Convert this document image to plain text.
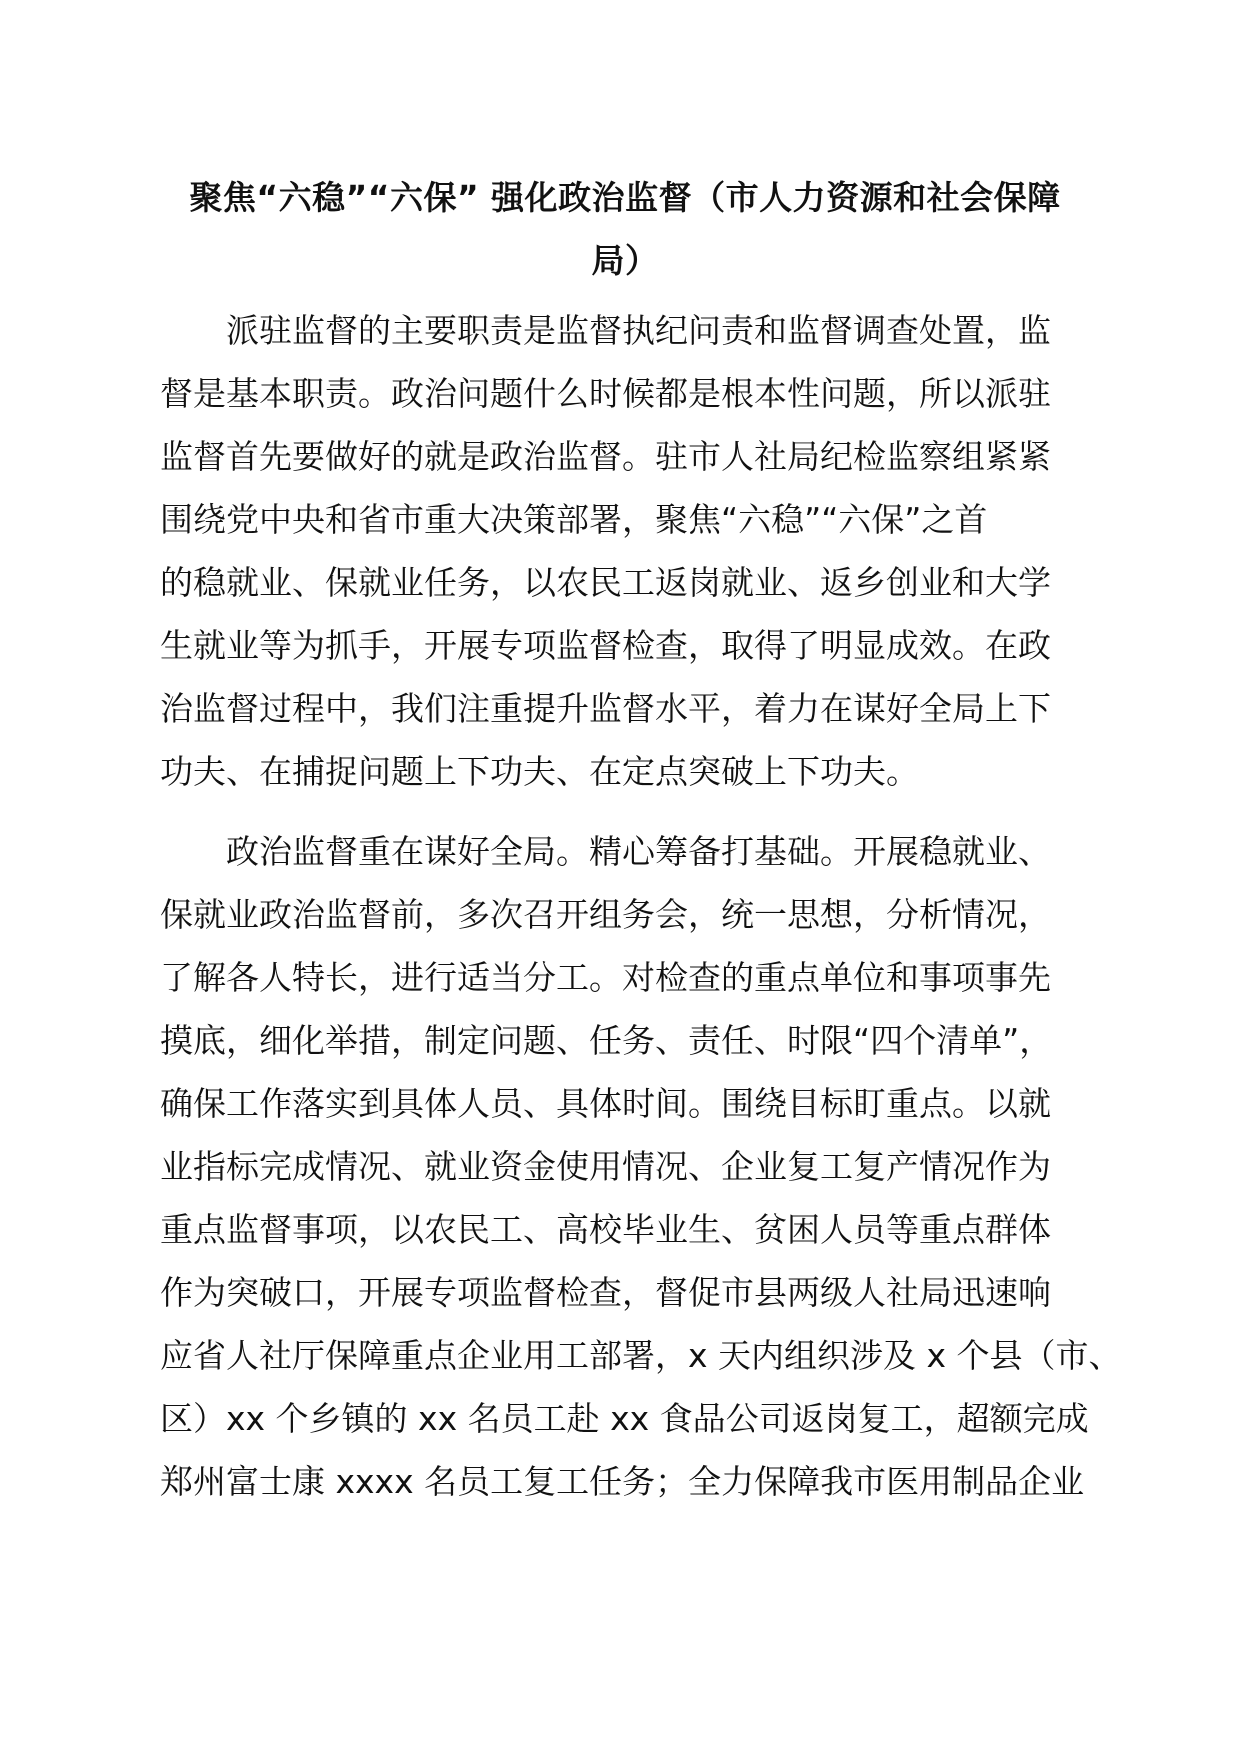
聚焦“六稳”“六保” 强化政治监督（市人力资源和社会保障
局）

派驻监督的主要职责是监督执纪问责和监督调查处置，监

督是基本职责。政治问题什么时候都是根本性问题，所以派驻

监督首先要做好的就是政治监督。驻市人社局纪检监察组紧紧

围绕党中央和省市重大决策部署，聚焦“六稳”“六保”之首

的稳就业、保就业任务，以农民工返岗就业、返乡创业和大学

生就业等为抓手，开展专项监督检查，取得了明显成效。在政

治监督过程中，我们注重提升监督水平，着力在谋好全局上下

功夫、在捕捉问题上下功夫、在定点突破上下功夫。

政治监督重在谋好全局。精心筹备打基础。开展稳就业、

保就业政治监督前，多次召开组务会，统一思想，分析情况，

了解各人特长，进行适当分工。对检查的重点单位和事项事先

摸底，细化举措，制定问题、任务、责任、时限“四个清单”，

确保工作落实到具体人员、具体时间。围绕目标盯重点。以就

业指标完成情况、就业资金使用情况、企业复工复产情况作为

重点监督事项，以农民工、高校毕业生、贫困人员等重点群体

作为突破口，开展专项监督检查，督促市县两级人社局迅速响

应省人社厅保障重点企业用工部署，x 天内组织涉及 x 个县（市、

区）xx 个乡镇的 xx 名员工赴 xx 食品公司返岗复工，超额完成

郑州富士康 xxxx 名员工复工任务；全力保障我市医用制品企业
